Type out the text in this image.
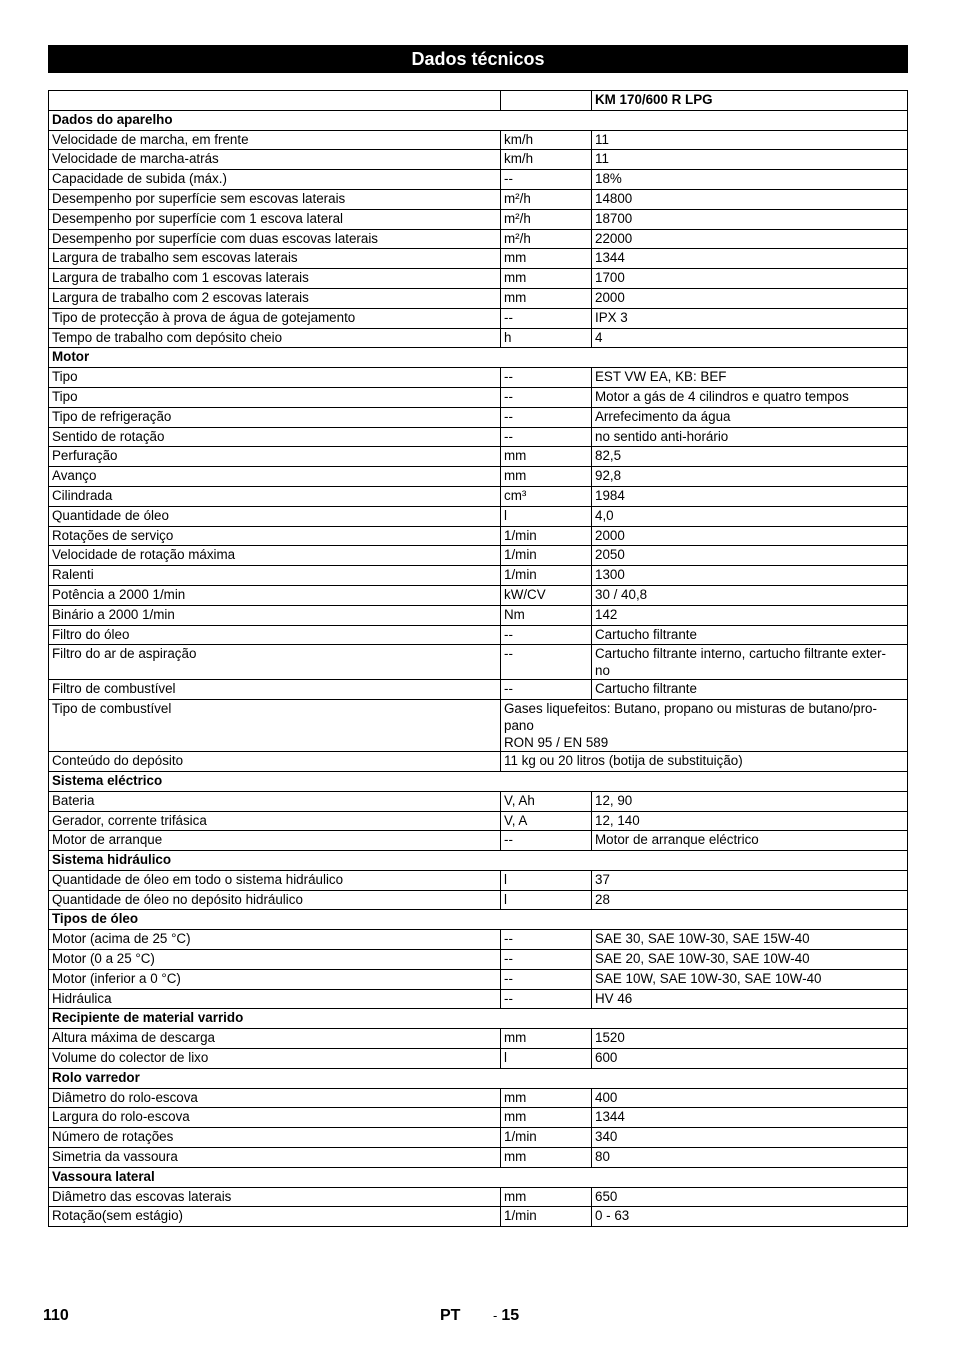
Dados técnicos
		KM 170/600 R LPG
Dados do aparelho		
Velocidade de marcha, em frente	km/h	11
Velocidade de marcha-atrás	km/h	11
Capacidade de subida (máx.)	--	18%
Desempenho por superfície sem escovas laterais	m²/h	14800
Desempenho por superfície com 1 escova lateral	m²/h	18700
Desempenho por superfície com duas escovas laterais	m²/h	22000
Largura de trabalho sem escovas laterais	mm	1344
Largura de trabalho com 1 escovas laterais	mm	1700
Largura de trabalho com 2 escovas laterais	mm	2000
Tipo de protecção à prova de água de gotejamento	--	IPX 3
Tempo de trabalho com depósito cheio	h	4
Motor		
Tipo	--	EST VW EA, KB: BEF
Tipo	--	Motor a gás de 4 cilindros e quatro tempos
Tipo de refrigeração	--	Arrefecimento da água
Sentido de rotação	--	no sentido anti-horário
Perfuração	mm	82,5
Avanço	mm	92,8
Cilindrada	cm³	1984
Quantidade de óleo	l	4,0
Rotações de serviço	1/min	2000
Velocidade de rotação máxima	1/min	2050
Ralenti	1/min	1300
Potência a 2000 1/min	kW/CV	30 / 40,8
Binário a 2000 1/min	Nm	142
Filtro do óleo	--	Cartucho filtrante
Filtro do ar de aspiração	--	Cartucho filtrante interno, cartucho filtrante exter-
no
Filtro de combustível	--	Cartucho filtrante
Tipo de combustível	Gases liquefeitos: Butano, propano ou misturas de butano/pro-
pano
RON 95 / EN 589	
Conteúdo do depósito	11 kg ou 20 litros (botija de substituição)	
Sistema eléctrico		
Bateria	V, Ah	12, 90
Gerador, corrente trifásica	V, A	12, 140
Motor de arranque	--	Motor de arranque eléctrico
Sistema hidráulico		
Quantidade de óleo em todo o sistema hidráulico	l	37
Quantidade de óleo no depósito hidráulico	l	28
Tipos de óleo		
Motor (acima de 25 °C)	--	SAE 30, SAE 10W-30, SAE 15W-40
Motor (0 a 25 °C)	--	SAE 20, SAE 10W-30, SAE 10W-40
Motor (inferior a 0 °C)	--	SAE 10W, SAE 10W-30, SAE 10W-40
Hidráulica	--	HV 46
Recipiente de material varrido		
Altura máxima de descarga	mm	1520
Volume do colector de lixo	l	600
Rolo varredor		
Diâmetro do rolo-escova	mm	400
Largura do rolo-escova	mm	1344
Número de rotações	1/min	340
Simetria da vassoura	mm	80
Vassoura lateral		
Diâmetro das escovas laterais	mm	650
Rotação(sem estágio)	1/min	0 - 63
110	PT	- 15
